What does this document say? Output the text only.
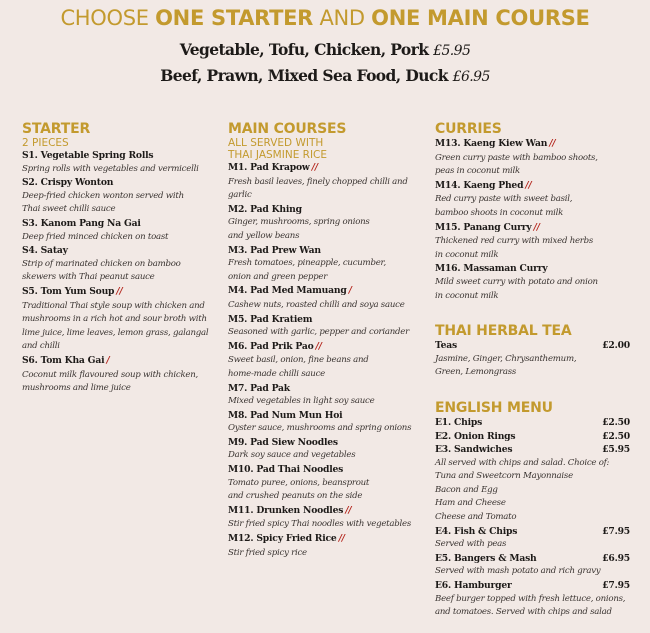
CHOOSE ONE STARTER AND ONE MAIN COURSE
Vegetable, Tofu, Chicken, Pork £5.95
Beef, Prawn, Mixed Sea Food, Duck £6.95
STARTER
2 PIECES
S1. Vegetable Spring Rolls
Spring rolls with vegetables and vermicelli
S2. Crispy Wonton
Deep-fried chicken wonton served with
Thai sweet chilli sauce
S3. Kanom Pang Na Gai
Deep fried minced chicken on toast
S4. Satay
Strip of marinated chicken on bamboo
skewers with Thai peanut sauce
S5. Tom Yum Soup //
Traditional Thai style soup with chicken and
mushrooms in a rich hot and sour broth with
lime juice, lime leaves, lemon grass, galangal
and chilli
S6. Tom Kha Gai /
Coconut milk flavoured soup with chicken,
mushrooms and lime juice
MAIN COURSES
ALL SERVED WITH
THAI JASMINE RICE
M1. Pad Krapow //
Fresh basil leaves, finely chopped chilli and
garlic
M2. Pad Khing
Ginger, mushrooms, spring onions
and yellow beans
M3. Pad Prew Wan
Fresh tomatoes, pineapple, cucumber,
onion and green pepper
M4. Pad Med Mamuang /
Cashew nuts, roasted chilli and soya sauce
M5. Pad Kratiem
Seasoned with garlic, pepper and coriander
M6. Pad Prik Pao //
Sweet basil, onion, fine beans and
home-made chilli sauce
M7. Pad Pak
Mixed vegetables in light soy sauce
M8. Pad Num Mun Hoi
Oyster sauce, mushrooms and spring onions
M9. Pad Siew Noodles
Dark soy sauce and vegetables
M10. Pad Thai Noodles
Tomato puree, onions, beansprout
and crushed peanuts on the side
M11. Drunken Noodles //
Stir fried spicy Thai noodles with vegetables
M12. Spicy Fried Rice //
Stir fried spicy rice
CURRIES
M13. Kaeng Kiew Wan //
Green curry paste with bamboo shoots,
peas in coconut milk
M14. Kaeng Phed //
Red curry paste with sweet basil,
bamboo shoots in coconut milk
M15. Panang Curry //
Thickened red curry with mixed herbs
in coconut milk
M16. Massaman Curry
Mild sweet curry with potato and onion
in coconut milk
THAI HERBAL TEA
Teas	£2.00
Jasmine, Ginger, Chrysanthemum,
Green, Lemongrass
ENGLISH MENU
E1. Chips	£2.50
E2. Onion Rings	£2.50
E3. Sandwiches	£5.95
All served with chips and salad. Choice of:
Tuna and Sweetcorn Mayonnaise
Bacon and Egg
Ham and Cheese
Cheese and Tomato
E4. Fish & Chips	£7.95
Served with peas
E5. Bangers & Mash	£6.95
Served with mash potato and rich gravy
E6. Hamburger	£7.95
Beef burger topped with fresh lettuce, onions,
and tomatoes. Served with chips and salad
